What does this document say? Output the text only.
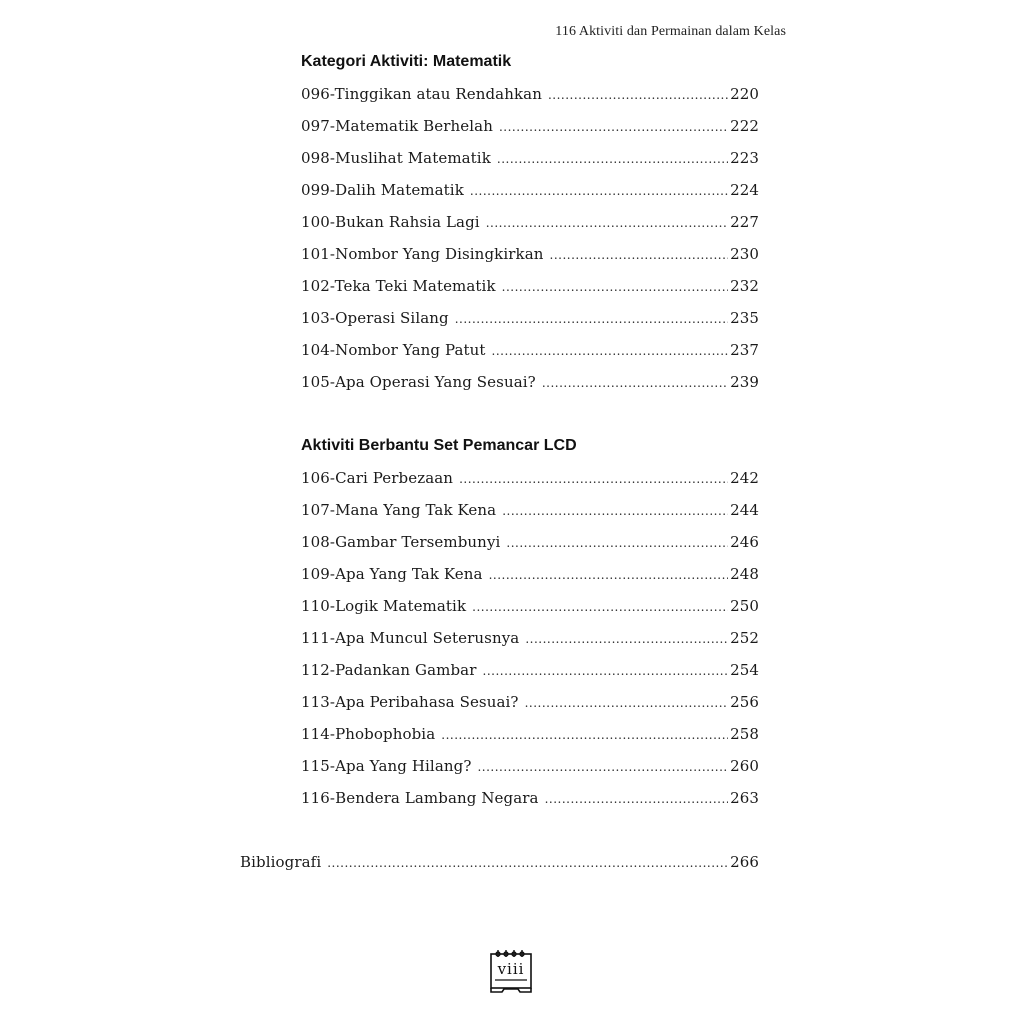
116 Aktiviti dan Permainan dalam Kelas
Kategori Aktiviti: Matematik
096-Tinggikan atau Rendahkan .....	220
097-Matematik Berhelah .....	222
098-Muslihat Matematik .....	223
099-Dalih Matematik .....	224
100-Bukan Rahsia Lagi .....	227
101-Nombor Yang Disingkirkan .....	230
102-Teka Teki Matematik .....	232
103-Operasi Silang .....	235
104-Nombor Yang Patut .....	237
105-Apa Operasi Yang Sesuai? .....	239
Aktiviti Berbantu Set Pemancar LCD
106-Cari Perbezaan .....	242
107-Mana Yang Tak Kena .....	244
108-Gambar Tersembunyi .....	246
109-Apa Yang Tak Kena .....	248
110-Logik Matematik .....	250
111-Apa Muncul Seterusnya .....	252
112-Padankan Gambar .....	254
113-Apa Peribahasa Sesuai? .....	256
114-Phobophobia .....	258
115-Apa Yang Hilang? .....	260
116-Bendera Lambang Negara .....	263
Bibliografi .....	266
viii
